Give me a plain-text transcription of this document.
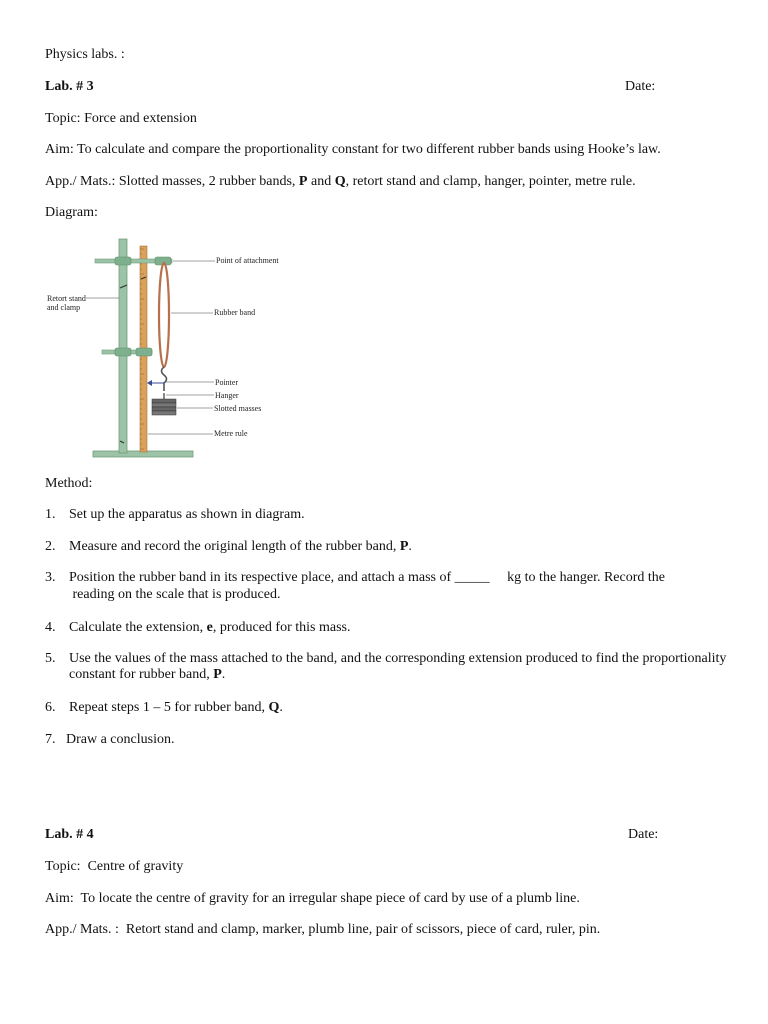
Physics labs. :
Lab. # 3	Date:
Topic: Force and extension
Aim: To calculate and compare the proportionality constant for two different rubber bands using Hooke’s law.
App./ Mats.: Slotted masses, 2 rubber bands, P and Q, retort stand and clamp, hanger, pointer, metre rule.
Diagram:
Point of attachment
Retort stand
and clamp
Rubber band
Pointer
Hanger
Slotted masses
Metre rule
Method:
1. Set up the apparatus as shown in diagram.
2. Measure and record the original length of the rubber band, P.
3. Position the rubber band in its respective place, and attach a mass of _____     kg to the hanger. Record the
reading on the scale that is produced.
4. Calculate the extension, e, produced for this mass.
5. Use the values of the mass attached to the band, and the corresponding extension produced to find the proportionality
constant for rubber band, P.
6. Repeat steps 1 – 5 for rubber band, Q.
7. Draw a conclusion.
Lab. # 4	Date:
Topic:  Centre of gravity
Aim:  To locate the centre of gravity for an irregular shape piece of card by use of a plumb line.
App./ Mats. :  Retort stand and clamp, marker, plumb line, pair of scissors, piece of card, ruler, pin.
